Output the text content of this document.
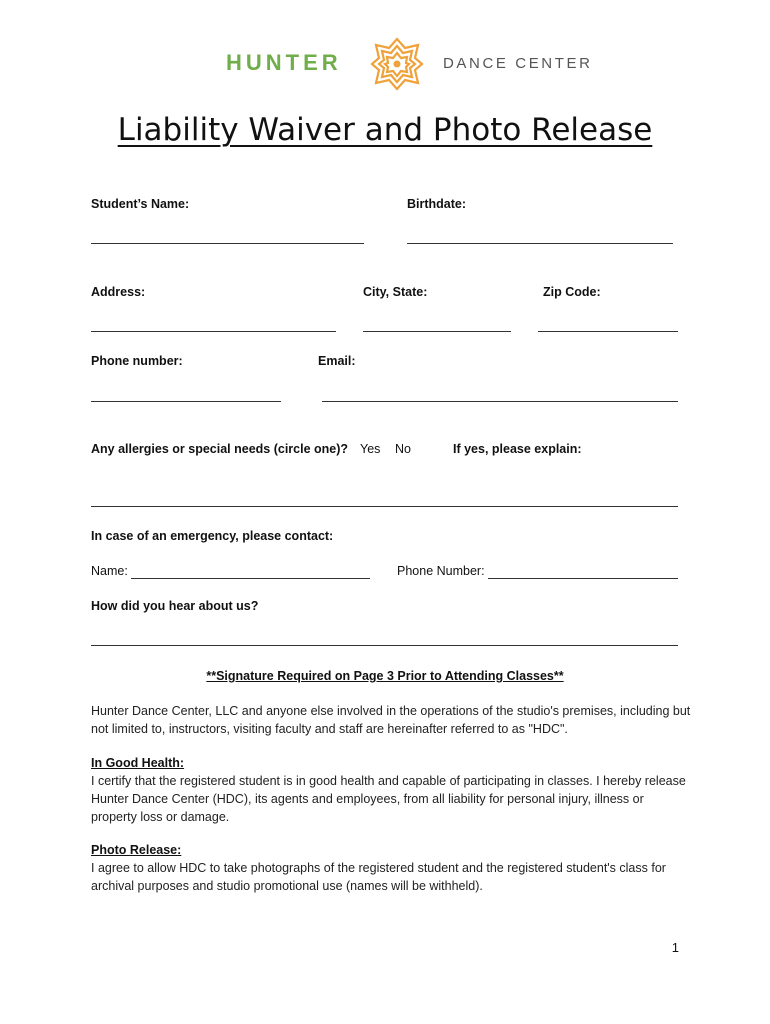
HUNTER	DANCE CENTER
Liability Waiver and Photo Release
Student’s Name:	Birthdate:
Address:	City, State:	Zip Code:
Phone number:	Email:
Any allergies or special needs (circle one)? Yes No	If yes, please explain:
In case of an emergency, please contact:
Name:	Phone Number:
How did you hear about us?
**Signature Required on Page 3 Prior to Attending Classes**
Hunter Dance Center, LLC and anyone else involved in the operations of the studio's premises, including but not limited to, instructors, visiting faculty and staff are hereinafter referred to as "HDC".
In Good Health:
I certify that the registered student is in good health and capable of participating in classes. I hereby release Hunter Dance Center (HDC), its agents and employees, from all liability for personal injury, illness or property loss or damage.
Photo Release:
I agree to allow HDC to take photographs of the registered student and the registered student's class for archival purposes and studio promotional use (names will be withheld).
1
